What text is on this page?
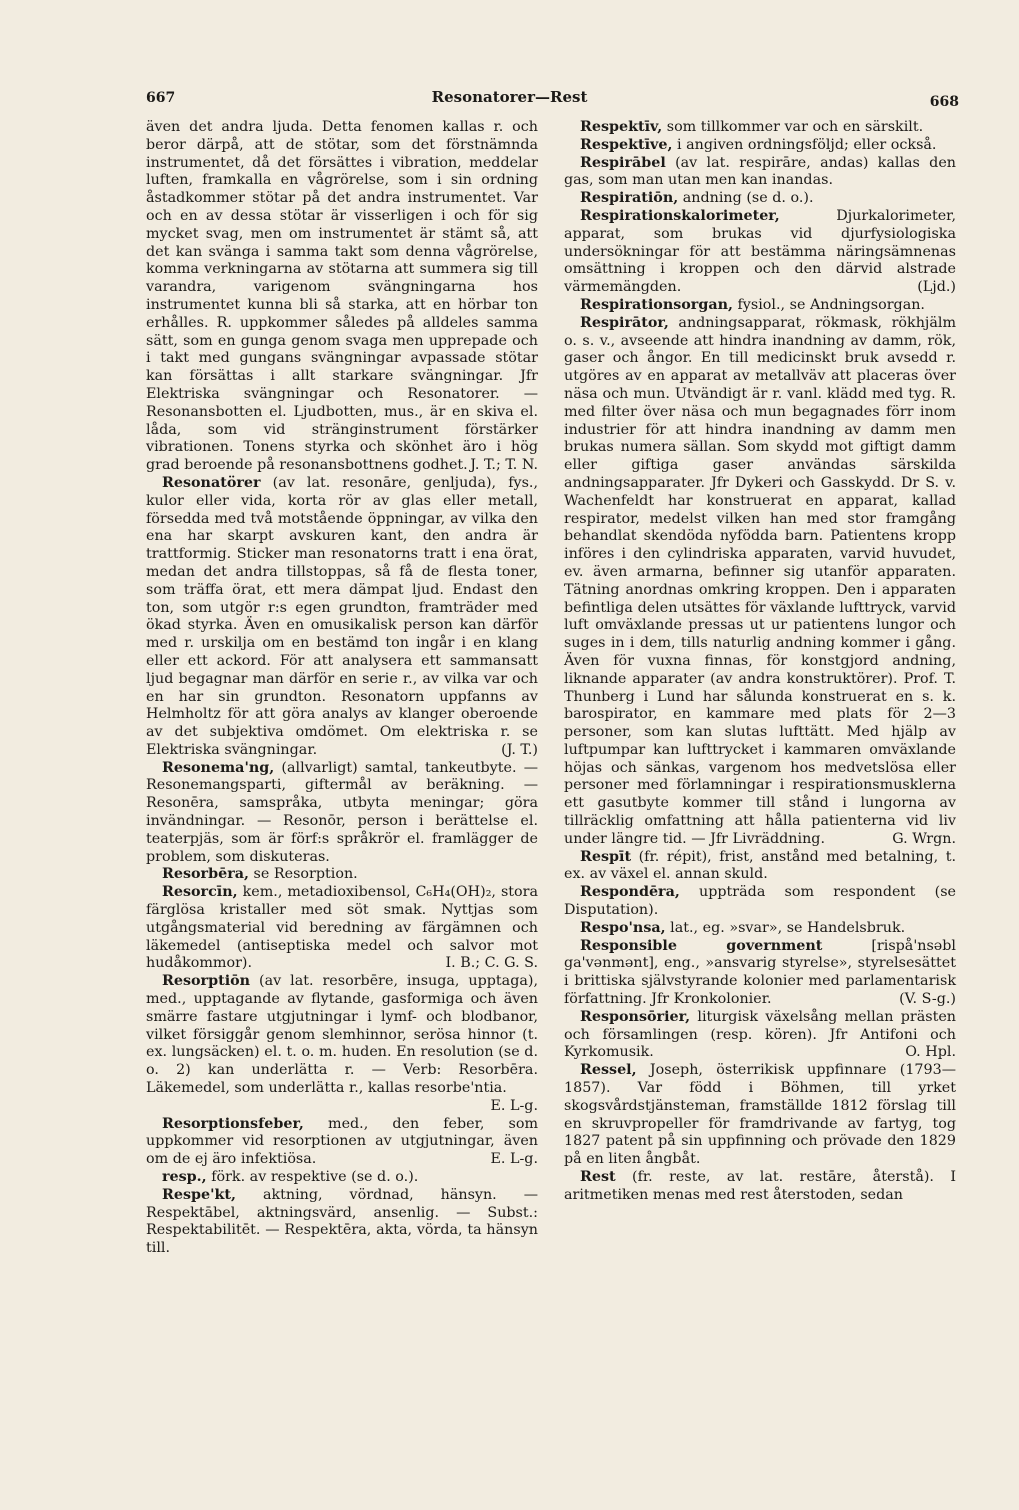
667	Resonatorer—Rest	668

även det andra ljuda. Detta fenomen kallas r. och beror därpå, att de stötar, som det förstnämnda instrumentet, då det försättes i vibration, meddelar luften, framkalla en vågrörelse, som i sin ordning åstadkommer stötar på det andra instrumentet. Var och en av dessa stötar är visserligen i och för sig mycket svag, men om instrumentet är stämt så, att det kan svänga i samma takt som denna vågrörelse, komma verkningarna av stötarna att summera sig till varandra, varigenom svängningarna hos instrumentet kunna bli så starka, att en hörbar ton erhålles. R. uppkommer således på alldeles samma sätt, som en gunga genom svaga men upprepade och i takt med gungans svängningar avpassade stötar kan försättas i allt starkare svängningar. Jfr Elektriska svängningar och Resonatorer. — Resonansbotten el. Ljudbotten, mus., är en skiva el. låda, som vid stränginstrument förstärker vibrationen. Tonens styrka och skönhet äro i hög grad beroende på resonansbottnens godhet. J. T.; T. N.

Resonatörer (av lat. resonāre, genljuda), fys., kulor eller vida, korta rör av glas eller metall, försedda med två motstående öppningar, av vilka den ena har skarpt avskuren kant, den andra är trattformig. Sticker man resonatorns tratt i ena örat, medan det andra tillstoppas, så få de flesta toner, som träffa örat, ett mera dämpat ljud. Endast den ton, som utgör r:s egen grundton, framträder med ökad styrka. Även en omusikalisk person kan därför med r. urskilja om en bestämd ton ingår i en klang eller ett ackord. För att analysera ett sammansatt ljud begagnar man därför en serie r., av vilka var och en har sin grundton. Resonatorn uppfanns av Helmholtz för att göra analys av klanger oberoende av det subjektiva omdömet. Om elektriska r. se Elektriska svängningar.	(J. T.)

Resonema'ng, (allvarligt) samtal, tankeutbyte. — Resonemangsparti, giftermål av beräkning. — Resonēra, samspråka, utbyta meningar; göra invändningar. — Resonōr, person i berättelse el. teaterpjäs, som är förf:s språkrör el. framlägger de problem, som diskuteras.

Resorbēra, se Resorption.

Resorcīn, kem., metadioxibensol, C₆H₄(OH)₂, stora färglösa kristaller med söt smak. Nyttjas som utgångsmaterial vid beredning av färgämnen och läkemedel (antiseptiska medel och salvor mot hudåkommor).	I. B.; C. G. S.

Resorptiōn (av lat. resorbēre, insuga, upptaga), med., upptagande av flytande, gasformiga och även smärre fastare utgjutningar i lymf- och blodbanor, vilket försiggår genom slemhinnor, serösa hinnor (t. ex. lungsäcken) el. t. o. m. huden. En resolution (se d. o. 2) kan underlätta r. — Verb: Resorbēra. Läkemedel, som underlätta r., kallas resorbe'ntia.
E. L-g.

Resorptionsfeber, med., den feber, som uppkommer vid resorptionen av utgjutningar, även om de ej äro infektiösa.	E. L-g.

resp., förk. av respektive (se d. o.).

Respe'kt, aktning, vördnad, hänsyn. — Respektābel, aktningsvärd, ansenlig. — Subst.: Respektabilitēt. — Respektēra, akta, vörda, ta hänsyn till.

Respektīv, som tillkommer var och en särskilt.

Respektīve, i angiven ordningsföljd; eller också.

Respirābel (av lat. respirāre, andas) kallas den gas, som man utan men kan inandas.

Respiratiōn, andning (se d. o.).

Respirationskalorimeter,	Djurkalorimeter, apparat, som brukas vid djurfysiologiska undersökningar för att bestämma näringsämnenas omsättning i kroppen och den därvid alstrade värmemängden.	(Ljd.)

Respirationsorgan, fysiol., se Andningsorgan.

Respirātor, andningsapparat, rökmask, rökhjälm o. s. v., avseende att hindra inandning av damm, rök, gaser och ångor. En till medicinskt bruk avsedd r. utgöres av en apparat av metallväv att placeras över näsa och mun. Utvändigt är r. vanl. klädd med tyg. R. med filter över näsa och mun begagnades förr inom industrier för att hindra inandning av damm men brukas numera sällan. Som skydd mot giftigt damm eller giftiga gaser användas särskilda andningsapparater. Jfr Dykeri och Gasskydd. Dr S. v. Wachenfeldt har konstruerat en apparat, kallad respirator, medelst vilken han med stor framgång behandlat skendöda nyfödda barn. Patientens kropp införes i den cylindriska apparaten, varvid huvudet, ev. även armarna, befinner sig utanför apparaten. Tätning anordnas omkring kroppen. Den i apparaten befintliga delen utsättes för växlande lufttryck, varvid luft omväxlande pressas ut ur patientens lungor och suges in i dem, tills naturlig andning kommer i gång. Även för vuxna finnas, för konstgjord andning, liknande apparater (av andra konstruktörer). Prof. T. Thunberg i Lund har sålunda konstruerat en s. k. barospirator, en kammare med plats för 2—3 personer, som kan slutas lufttätt. Med hjälp av luftpumpar kan lufttrycket i kammaren omväxlande höjas och sänkas, vargenom hos medvetslösa eller personer med förlamningar i respirationsmusklerna ett gasutbyte kommer till stånd i lungorna av tillräcklig omfattning att hålla patienterna vid liv under längre tid. — Jfr Livräddning.	G. Wrgn.

Respīt (fr. répit), frist, anstånd med betalning, t. ex. av växel el. annan skuld.

Respondēra, uppträda som respondent (se Disputation).

Respo'nsa, lat., eg. »svar», se Handelsbruk.

Responsible government	[rispå'nsəbl ga'vənmənt], eng., »ansvarig styrelse», styrelsesättet i brittiska självstyrande kolonier med parlamentarisk författning. Jfr Kronkolonier.	(V. S-g.)

Responsōrier, liturgisk växelsång mellan prästen och församlingen (resp. kören). Jfr Antifoni och Kyrkomusik.	O. Hpl.

Ressel, Joseph, österrikisk uppfinnare (1793—1857). Var född i Böhmen, till yrket skogsvårdstjänsteman, framställde 1812 förslag till en skruvpropeller för framdrivande av fartyg, tog 1827 patent på sin uppfinning och prövade den 1829 på en liten ångbåt.

Rest (fr. reste, av lat. restāre, återstå). I aritmetiken menas med rest återstoden, sedan
